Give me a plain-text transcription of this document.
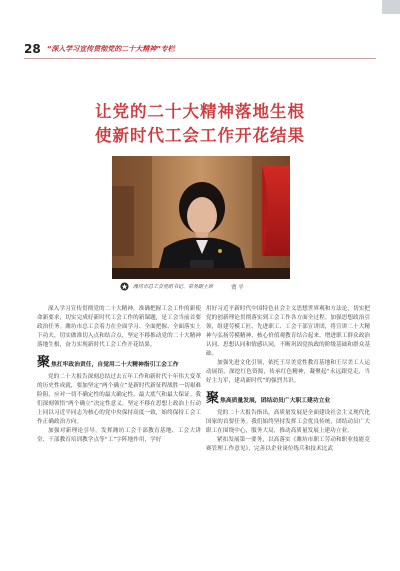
28 “深入学习宣传贯彻党的二十大精神”专栏
让党的二十大精神落地生根
使新时代工会工作开花结果
潍坊市总工会党组书记、常务副主席	贾 平

深入学习宣传贯彻党的二十大精神，准确把握工会工作的新使命新要求，切实完成好新时代工会工作的新课题，是工会当前首要政治任务。潍坊市总工会着力在全面学习、全面把握、全面落实上下功夫，切实做准切入点和结合点，坚定不移推动党的二十大精神落地生根，奋力实现新时代工会工作开花结果。

聚 焦扛牢政治责任，自觉用二十大精神指引工会工作

党的二十大报告深刻总结过去五年工作和新时代十年伟大变革的历史性成就，要加坚定“两个确立”是新时代新征程战胜一切艰难险阻，应对一切不确定性的最大确定性，最大底气和最大保证。我们深刻领悟“两个确立”决定性意义，坚定不移在思想上政治上行动上同以习近平同志为核心的党中央保持高度一致，始终保持工会工作正确政治方向。

加强对新理论引导，发挥潍坊工会千部教育基地、工会大讲堂、干部教育培训教学点等“工”字阵地作用，学好

用好习近平新时代中国特色社会主义思想世界观和方法论，切实把党的创新理论贯彻落实到工会工作各方面全过程。加强思想政治引领，组建劳模工匠、先进职工、工会干部宣讲团，将宣讲二十大精神与弘扬劳模精神、核心价值观教育结合起来，增进职工群众政治认同、思想认同和情感认同，不断巩固党执政的阶级基础和群众基础。

加强先进文化引领，依托王尽美党性教育基地和王尽美工人运动展馆，深挖红色资源，传承红色精神，凝聚起“永远跟党走，当好主力军，建功新时代”的强烈共识。

聚 焦高质量发展，团结动员广大职工建功立业

党的二十大报告指出，高质量发展是全面建设社会主义现代化国家的首要任务。我们始终坚持发挥工会优良传统，团结动员广大职工在围绕中心，服务大局，推动高质量发展上建功立业。

紧扣发展第一要务，以高落实《潍坊市职工劳动和职业技能竞赛管理工作意见》，完善以企业岗位练兵和技术比武
